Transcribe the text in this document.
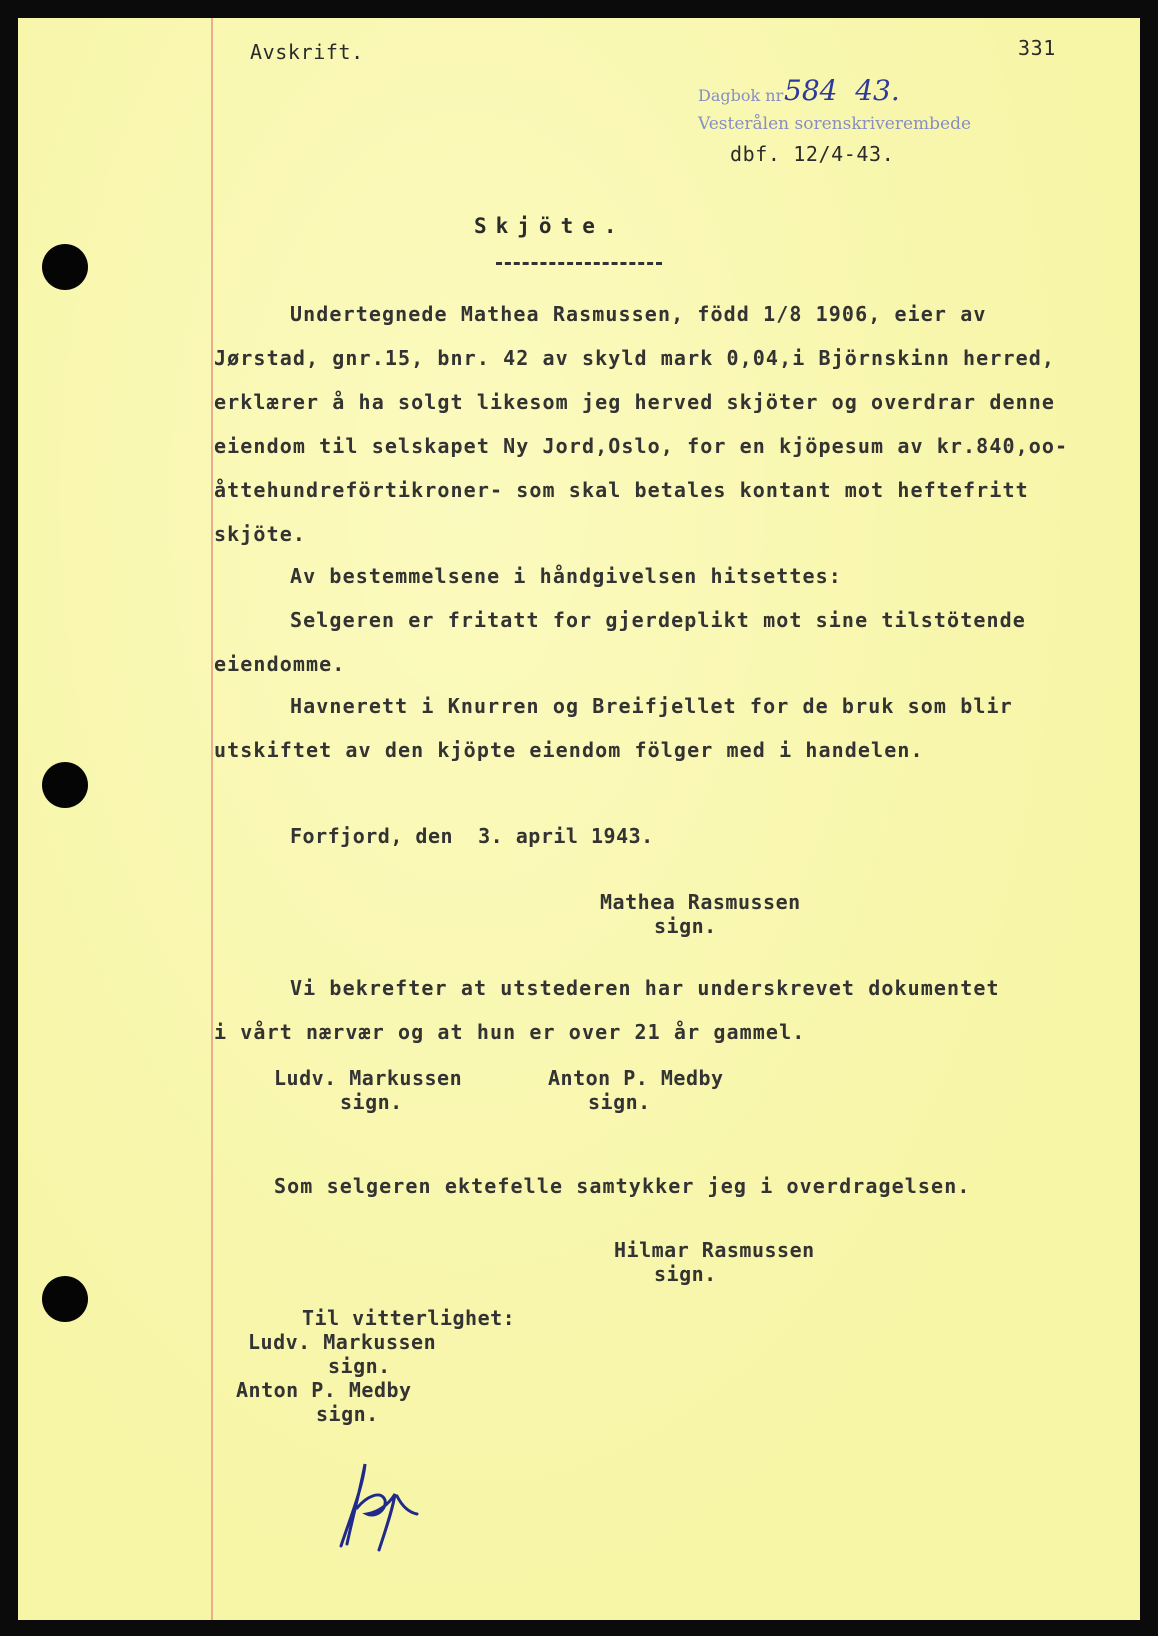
Avskrift.	331
Dagbok nr 584  43.
Vesterålen sorenskriverembede
dbf. 12/4-43.
Skjöte.
Undertegnede Mathea Rasmussen, född 1/8 1906, eier av
Jørstad, gnr.15, bnr. 42 av skyld mark 0,04,i Björnskinn herred,
erklærer å ha solgt likesom jeg herved skjöter og overdrar denne
eiendom til selskapet Ny Jord,Oslo, for en kjöpesum av kr.840,oo-
åttehundreförtikroner- som skal betales kontant mot heftefritt
skjöte.
Av bestemmelsene i håndgivelsen hitsettes:
Selgeren er fritatt for gjerdeplikt mot sine tilstötende
eiendomme.
Havnerett i Knurren og Breifjellet for de bruk som blir
utskiftet av den kjöpte eiendom fölger med i handelen.
Forfjord, den  3. april 1943.
Mathea Rasmussen
sign.
Vi bekrefter at utstederen har underskrevet dokumentet
i vårt nærvær og at hun er over 21 år gammel.
Ludv. Markussen
sign.
Anton P. Medby
sign.
Som selgeren ektefelle samtykker jeg i overdragelsen.
Hilmar Rasmussen
sign.
Til vitterlighet:
Ludv. Markussen
sign.
Anton P. Medby
sign.
